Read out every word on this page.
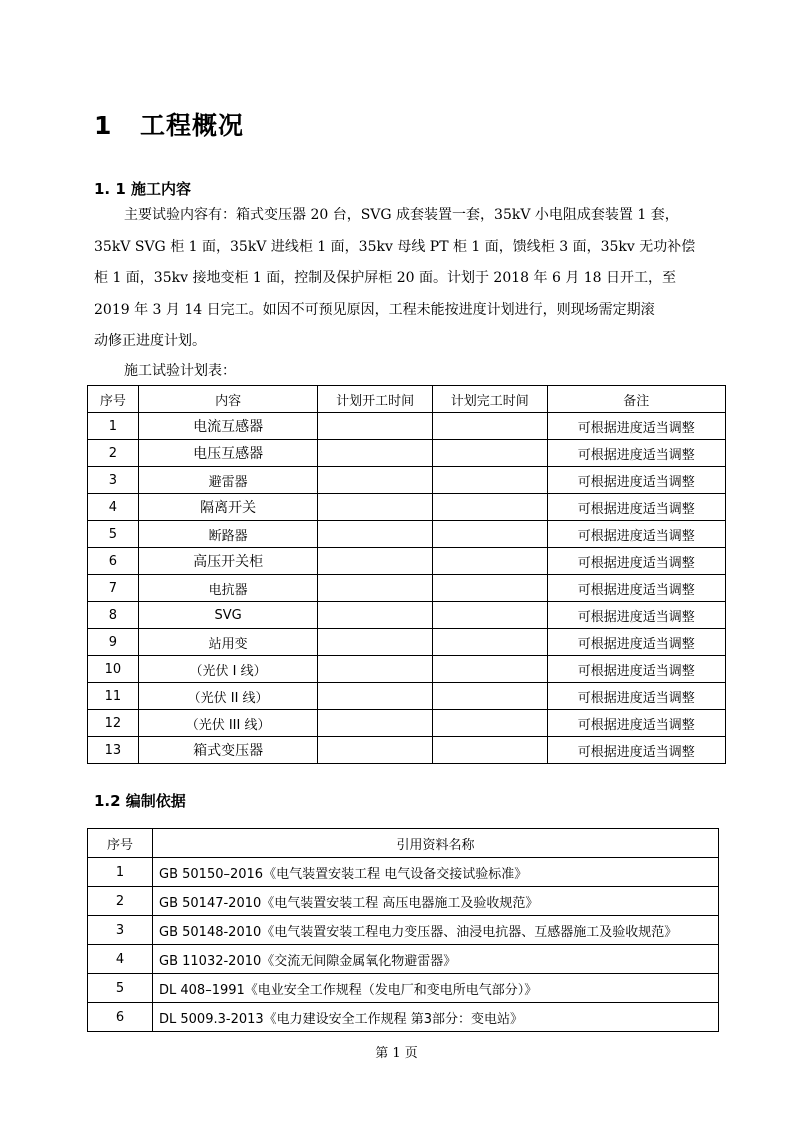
1 工程概况
1. 1 施工内容
主要试验内容有：箱式变压器 20 台，SVG 成套装置一套，35kV 小电阻成套装置 1 套，
35kV SVG 柜 1 面，35kV 进线柜 1 面，35kv 母线 PT 柜 1 面，馈线柜 3 面，35kv 无功补偿
柜 1 面，35kv 接地变柜 1 面，控制及保护屏柜 20 面。计划于 2018 年 6 月 18 日开工，至
2019 年 3 月 14 日完工。如因不可预见原因，工程未能按进度计划进行，则现场需定期滚
动修正进度计划。
施工试验计划表：
序号	内容	计划开工时间	计划完工时间	备注
1	电流互感器			可根据进度适当调整
2	电压互感器			可根据进度适当调整
3	避雷器			可根据进度适当调整
4	隔离开关			可根据进度适当调整
5	断路器			可根据进度适当调整
6	高压开关柜			可根据进度适当调整
7	电抗器			可根据进度适当调整
8	SVG			可根据进度适当调整
9	站用变			可根据进度适当调整
10	（光伏 I 线）			可根据进度适当调整
11	（光伏 II 线）			可根据进度适当调整
12	（光伏 III 线）			可根据进度适当调整
13	箱式变压器			可根据进度适当调整
1.2 编制依据
序号	引用资料名称
1	GB 50150–2016《电气装置安装工程 电气设备交接试验标准》
2	GB 50147-2010《电气装置安装工程 高压电器施工及验收规范》
3	GB 50148-2010《电气装置安装工程电力变压器、油浸电抗器、互感器施工及验收规范》
4	GB 11032-2010《交流无间隙金属氧化物避雷器》
5	DL 408–1991《电业安全工作规程（发电厂和变电所电气部分）》
6	DL 5009.3-2013《电力建设安全工作规程 第3部分：变电站》
第 1 页
